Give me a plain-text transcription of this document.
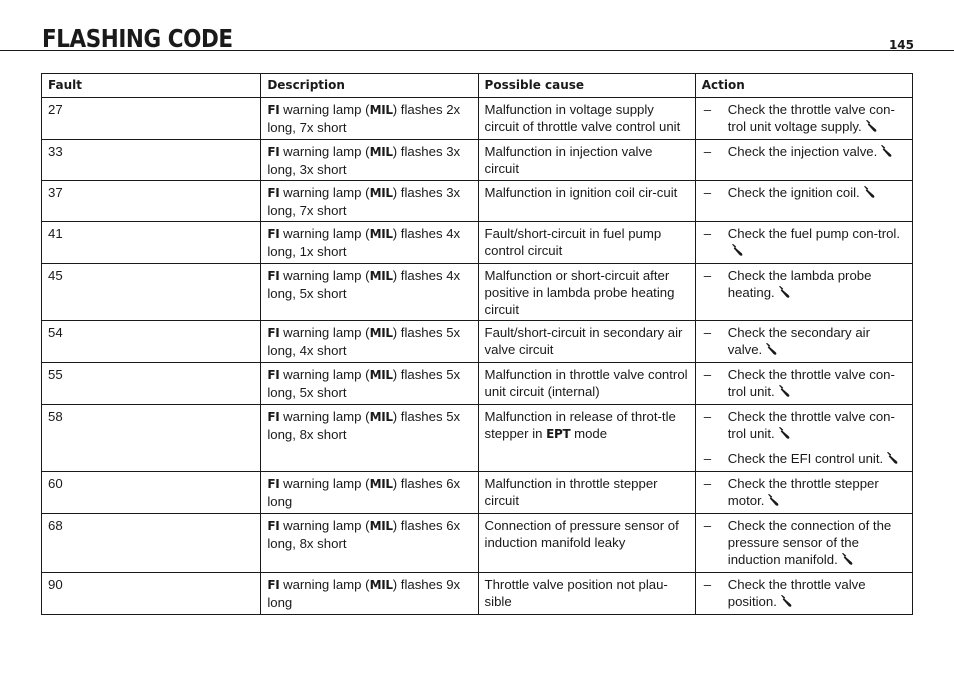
FLASHING CODE	145
Fault	Description	Possible cause	Action
27	FI warning lamp (MIL) flashes 2x long, 7x short	Malfunction in voltage supply circuit of throttle valve control unit	– Check the throttle valve con-trol unit voltage supply.

33	FI warning lamp (MIL) flashes 3x long, 3x short	Malfunction in injection valve circuit	– Check the injection valve.

37	FI warning lamp (MIL) flashes 3x long, 7x short	Malfunction in ignition coil cir-cuit	– Check the ignition coil.

41	FI warning lamp (MIL) flashes 4x long, 1x short	Fault/short-circuit in fuel pump control circuit	– Check the fuel pump con-trol.

45	FI warning lamp (MIL) flashes 4x long, 5x short	Malfunction or short-circuit after positive in lambda probe heating circuit	– Check the lambda probe heating.

54	FI warning lamp (MIL) flashes 5x long, 4x short	Fault/short-circuit in secondary air valve circuit	– Check the secondary air valve.

55	FI warning lamp (MIL) flashes 5x long, 5x short	Malfunction in throttle valve control unit circuit (internal)	– Check the throttle valve con-trol unit.

58	FI warning lamp (MIL) flashes 5x long, 8x short	Malfunction in release of throt-tle stepper in EPT mode	– Check the throttle valve con-trol unit.
– Check the EFI control unit.

60	FI warning lamp (MIL) flashes 6x long	Malfunction in throttle stepper circuit	– Check the throttle stepper motor.

68	FI warning lamp (MIL) flashes 6x long, 8x short	Connection of pressure sensor of induction manifold leaky	– Check the connection of the pressure sensor of the induction manifold.

90	FI warning lamp (MIL) flashes 9x long	Throttle valve position not plau-sible	– Check the throttle valve position.
